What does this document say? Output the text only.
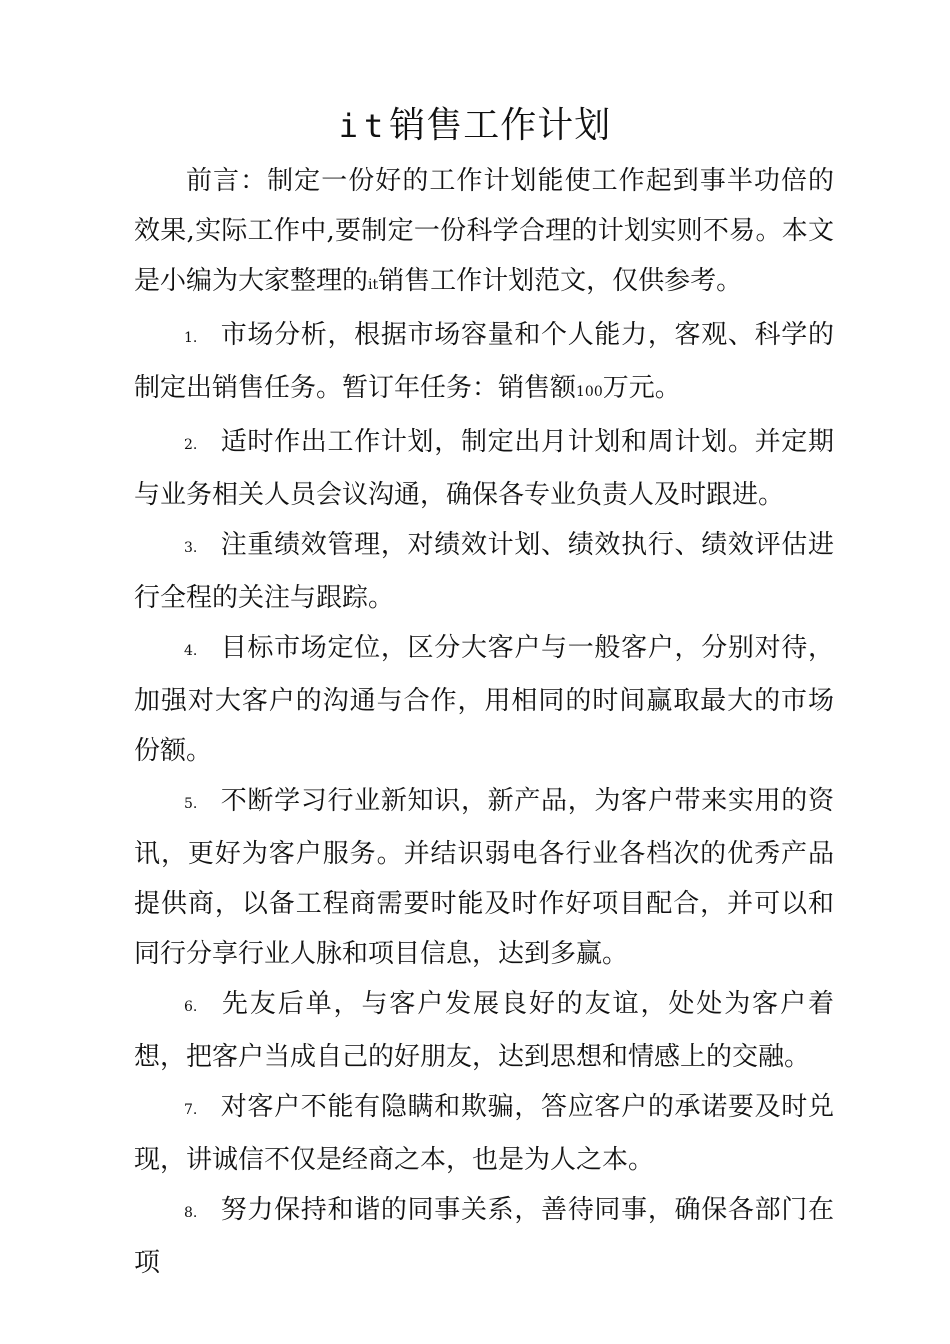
it销售工作计划

前言：制定一份好的工作计划能使工作起到事半功倍的效果,实际工作中,要制定一份科学合理的计划实则不易。本文是小编为大家整理的it销售工作计划范文，仅供参考。

1. 市场分析，根据市场容量和个人能力，客观、科学的制定出销售任务。暂订年任务：销售额100万元。

2. 适时作出工作计划，制定出月计划和周计划。并定期与业务相关人员会议沟通，确保各专业负责人及时跟进。

3. 注重绩效管理，对绩效计划、绩效执行、绩效评估进行全程的关注与跟踪。

4. 目标市场定位，区分大客户与一般客户，分别对待，加强对大客户的沟通与合作，用相同的时间赢取最大的市场份额。

5. 不断学习行业新知识，新产品，为客户带来实用的资讯，更好为客户服务。并结识弱电各行业各档次的优秀产品提供商，以备工程商需要时能及时作好项目配合，并可以和同行分享行业人脉和项目信息，达到多赢。

6. 先友后单，与客户发展良好的友谊，处处为客户着想，把客户当成自己的好朋友，达到思想和情感上的交融。

7. 对客户不能有隐瞒和欺骗，答应客户的承诺要及时兑现，讲诚信不仅是经商之本，也是为人之本。

8. 努力保持和谐的同事关系，善待同事，确保各部门在项
